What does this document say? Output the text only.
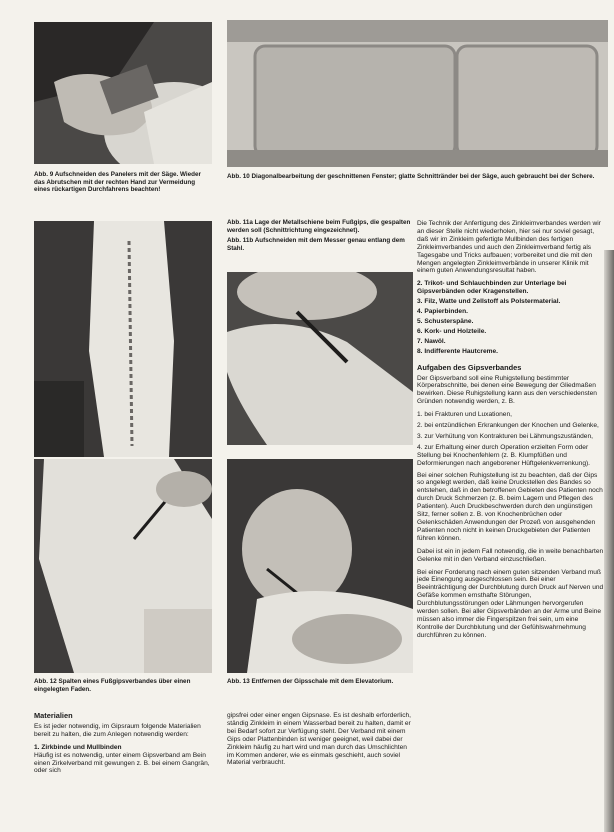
Abb. 9 Aufschneiden des Panelers mit der Säge. Wieder das Abrutschen mit der rechten Hand zur Vermeidung eines rückartigen Durchfahrens beachten!
Abb. 10 Diagonalbearbeitung der geschnittenen Fenster; glatte Schnittränder bei der Säge, auch gebraucht bei der Schere.
Abb. 11a Lage der Metallschiene beim Fußgips, die gespalten werden soll (Schnittrichtung eingezeichnet).
Abb. 11b Aufschneiden mit dem Messer genau entlang dem Stahl.
Abb. 12 Spalten eines Fußgipsverbandes über einen eingelegten Faden.
Abb. 13 Entfernen der Gipsschale mit dem Elevatorium.
Materialien

Es ist jeder notwendig, im Gipsraum folgende Materialien bereit zu halten, die zum Anlegen notwendig werden:

1. Zirkbinde und Mullbinden

Häufig ist es notwendig, unter einem Gipsverband am Bein einen Zirkelverband mit gewungen z. B. bei einem Gangrän, oder sich

gipsfrei oder einer engen Gipsnase. Es ist deshalb erforderlich, ständig Zinkleim in einem Wasserbad bereit zu halten, damit er bei Bedarf sofort zur Verfügung steht. Der Verband mit einem Gips oder Plattenbinden ist weniger geeignet, weil dabei der Zinkleim häufig zu hart wird und man durch das Umschlichten im Kommen anderer, wie es einmals geschieht, auch soviel Material verbraucht.

Die Technik der Anfertigung des Zinkleimverbandes werden wir an dieser Stelle nicht wiederholen, hier sei nur soviel gesagt, daß wir im Zinkleim gefertigte Mullbinden des fertigen Zinkleimverbandes und auch den Zinkleimverband fertig als Tagesgabe und Tricks aufbauen; vorbereitet und die mit den Mengen angelegten Zinkleimverbände in unserer Klinik mit einem guten Anwendungsresultat haben.

2. Trikot- und Schlauchbinden zur Unterlage bei Gipsverbänden oder Kragenstellen.
3. Filz, Watte und Zellstoff als Polstermaterial.
4. Papierbinden.
5. Schusterspäne.
6. Kork- und Holzteile.
7. Nawöl.
8. Indifferente Hautcreme.
Aufgaben des Gipsverbandes

Der Gipsverband soll eine Ruhigstellung bestimmter Körperabschnitte, bei denen eine Bewegung der Gliedmaßen bewirken. Diese Ruhigstellung kann aus den verschiedensten Gründen notwendig werden, z. B.

1. bei Frakturen und Luxationen,
2. bei entzündlichen Erkrankungen der Knochen und Gelenke,
3. zur Verhütung von Kontrakturen bei Lähmungszuständen,
4. zur Erhaltung einer durch Operation erzielten Form oder Stellung bei Knochenfehlern (z. B. Klumpfüßen und Deformierungen nach angeborener Hüftgelenkverrenkung).

Bei einer solchen Ruhigstellung ist zu beachten, daß der Gips so angelegt werden, daß keine Druckstellen des Bandes so entstehen, daß in den betroffenen Gebieten des Patienten noch durch Druck Schmerzen (z. B. beim Lagern und Pflegen des Patienten). Auch Druckbeschwerden durch den ungünstigen Sitz, ferner sollen z. B. von Knochenbrüchen oder Gelenkschäden Anwendungen der Prozeß von ausgehenden Patienten noch nicht in keinen Druckgebieten der Patienten führen können.

Dabei ist ein in jedem Fall notwendig, die in weite benachbarten Gelenke mit in den Verband einzuschließen.

Bei einer Forderung nach einem guten sitzenden Verband muß jede Einengung ausgeschlossen sein. Bei einer Beeinträchtigung der Durchblutung durch Druck auf Nerven und Gefäße kommen ernsthafte Störungen, Durchblutungsstörungen oder Lähmungen hervorgerufen werden sollen. Bei aller Gipsverbänden an der Arme und Beine müssen also immer die Fingerspitzen frei sein, um eine Kontrolle der Durchblutung und der Gefühlswahrnehmung durchführen zu können.
